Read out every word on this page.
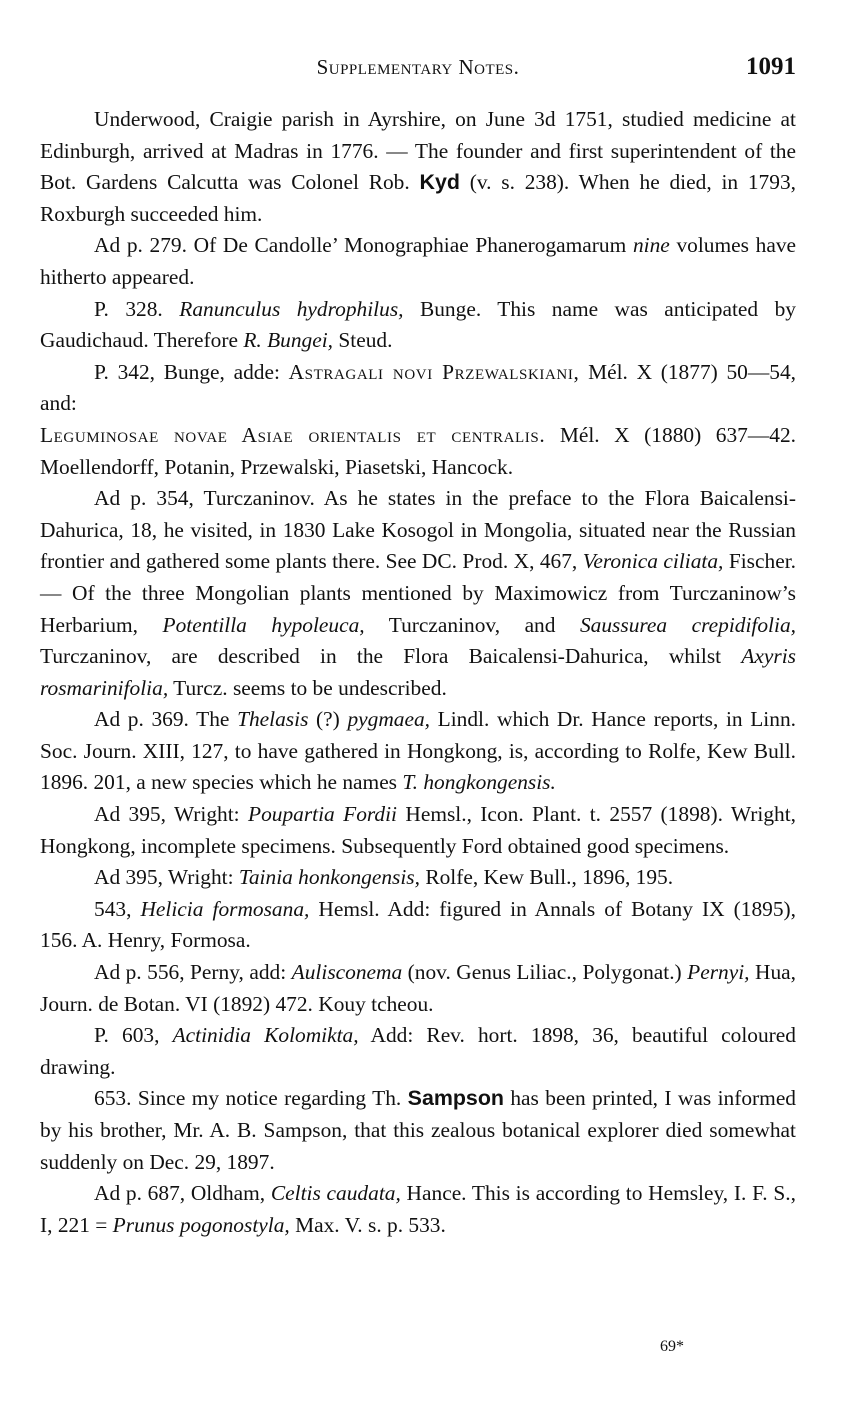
Supplementary Notes.	1091

Underwood, Craigie parish in Ayrshire, on June 3d 1751, studied medicine at Edinburgh, arrived at Madras in 1776. — The founder and first superintendent of the Bot. Gardens Calcutta was Colonel Rob. Kyd (v. s. 238). When he died, in 1793, Roxburgh succeeded him.

Ad p. 279. Of De Candolle’ Monographiae Phanerogamarum nine volumes have hitherto appeared.

P. 328. Ranunculus hydrophilus, Bunge. This name was anticipated by Gaudichaud. Therefore R. Bungei, Steud.

P. 342, Bunge, adde: Astragali novi Przewalskiani, Mél. X (1877) 50—54, and:

Leguminosae novae Asiae orientalis et centralis. Mél. X (1880) 637—42. Moellendorff, Potanin, Przewalski, Piasetski, Hancock.

Ad p. 354, Turczaninov. As he states in the preface to the Flora Baicalensi-Dahurica, 18, he visited, in 1830 Lake Kosogol in Mongolia, situated near the Russian frontier and gathered some plants there. See DC. Prod. X, 467, Veronica ciliata, Fischer. — Of the three Mongolian plants mentioned by Maximowicz from Turczaninow’s Herbarium, Potentilla hypoleuca, Turczaninov, and Saussurea crepidifolia, Turczaninov, are described in the Flora Baicalensi-Dahurica, whilst Axyris rosmarinifolia, Turcz. seems to be undescribed.

Ad p. 369. The Thelasis (?) pygmaea, Lindl. which Dr. Hance reports, in Linn. Soc. Journ. XIII, 127, to have gathered in Hongkong, is, according to Rolfe, Kew Bull. 1896. 201, a new species which he names T. hongkongensis.

Ad 395, Wright: Poupartia Fordii Hemsl., Icon. Plant. t. 2557 (1898). Wright, Hongkong, incomplete specimens. Subsequently Ford obtained good specimens.

Ad 395, Wright: Tainia honkongensis, Rolfe, Kew Bull., 1896, 195.

543, Helicia formosana, Hemsl. Add: figured in Annals of Botany IX (1895), 156. A. Henry, Formosa.

Ad p. 556, Perny, add: Aulisconema (nov. Genus Liliac., Polygonat.) Pernyi, Hua, Journ. de Botan. VI (1892) 472. Kouy tcheou.

P. 603, Actinidia Kolomikta, Add: Rev. hort. 1898, 36, beautiful coloured drawing.

653. Since my notice regarding Th. Sampson has been printed, I was informed by his brother, Mr. A. B. Sampson, that this zealous botanical explorer died somewhat suddenly on Dec. 29, 1897.

Ad p. 687, Oldham, Celtis caudata, Hance. This is according to Hemsley, I. F. S., I, 221 = Prunus pogonostyla, Max. V. s. p. 533.

69*
